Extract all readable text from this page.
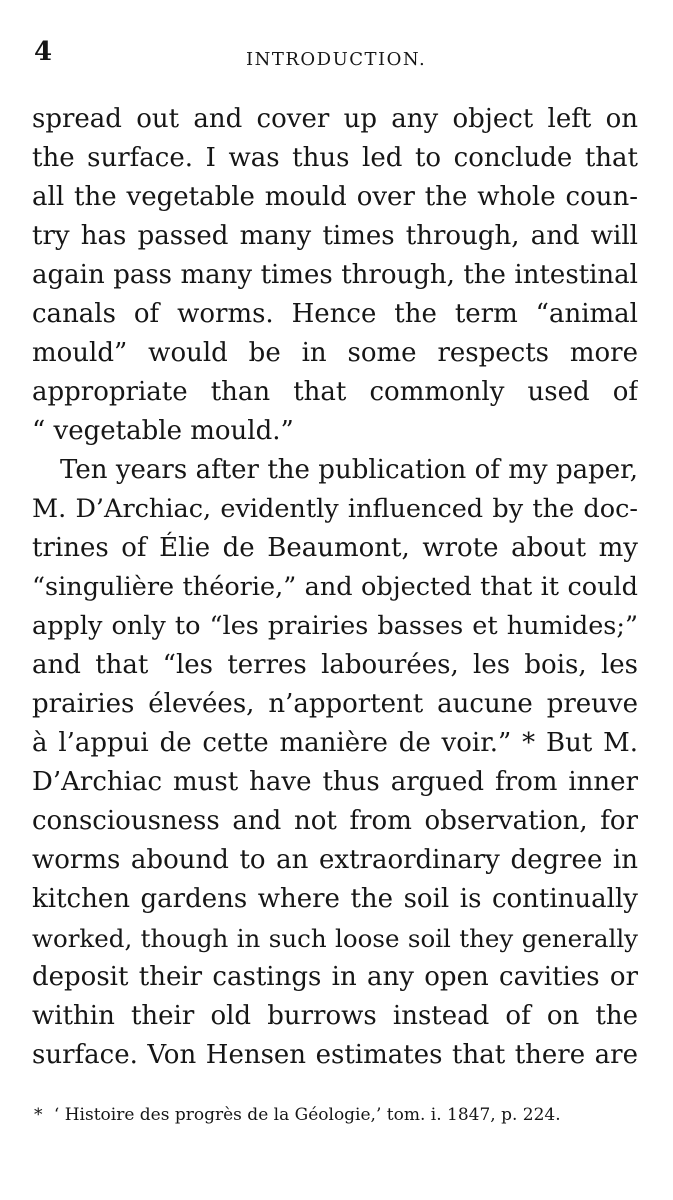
4	INTRODUCTION.
spread out and cover up any object left on
the surface. I was thus led to conclude that
all the vegetable mould over the whole coun-
try has passed many times through, and will
again pass many times through, the intestinal
canals of worms. Hence the term “animal
mould” would be in some respects more
appropriate than that commonly used of
“ vegetable mould.”
Ten years after the publication of my paper,
M. D’Archiac, evidently influenced by the doc-
trines of Élie de Beaumont, wrote about my
“singulière théorie,” and objected that it could
apply only to “les prairies basses et humides;”
and that “les terres labourées, les bois, les
prairies élevées, n’apportent aucune preuve
à l’appui de cette manière de voir.” * But M.
D’Archiac must have thus argued from inner
consciousness and not from observation, for
worms abound to an extraordinary degree in
kitchen gardens where the soil is continually
worked, though in such loose soil they generally
deposit their castings in any open cavities or
within their old burrows instead of on the
surface. Von Hensen estimates that there are
* ‘ Histoire des progrès de la Géologie,’ tom. i. 1847, p. 224.
